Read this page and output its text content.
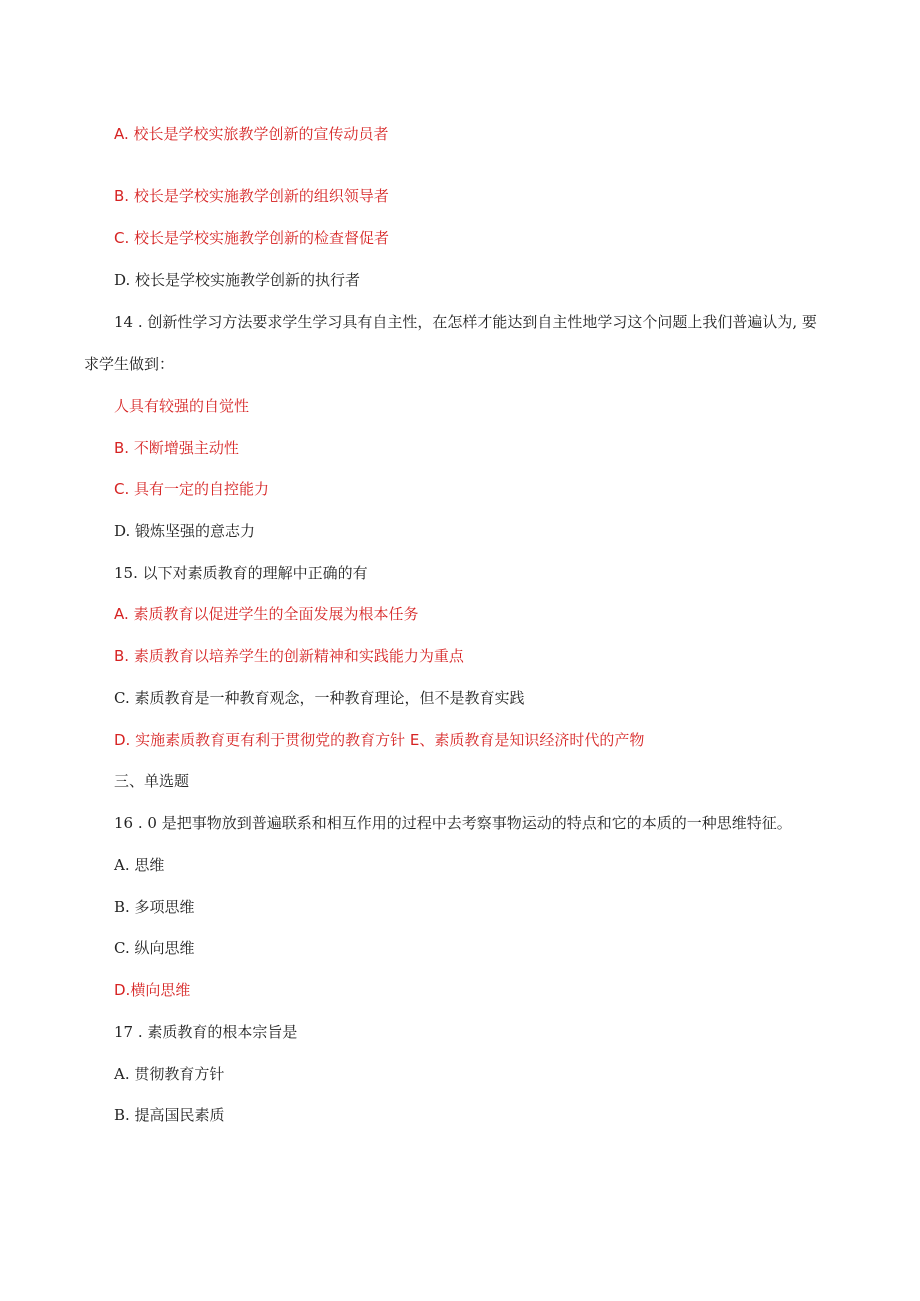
A. 校长是学校实旅教学创新的宣传动员者
B. 校长是学校实施教学创新的组织领导者
C. 校长是学校实施教学创新的检查督促者
D. 校长是学校实施教学创新的执行者
14 . 创新性学习方法要求学生学习具有自主性，在怎样才能达到自主性地学习这个问题上我们普遍认为, 要
求学生做到：
人具有较强的自觉性
B. 不断增强主动性
C. 具有一定的自控能力
D. 锻炼坚强的意志力
15. 以下对素质教育的理解中正确的有
A. 素质教育以促进学生的全面发展为根本任务
B. 素质教育以培养学生的创新精神和实践能力为重点
C. 素质教育是一种教育观念，一种教育理论，但不是教育实践
D. 实施素质教育更有利于贯彻党的教育方针 E、素质教育是知识经济时代的产物
三、单选题
16 . 0 是把事物放到普遍联系和相互作用的过程中去考察事物运动的特点和它的本质的一种思维特征。
A. 思维
B. 多项思维
C. 纵向思维
D.横向思维
17 . 素质教育的根本宗旨是
A. 贯彻教育方针
B. 提高国民素质
